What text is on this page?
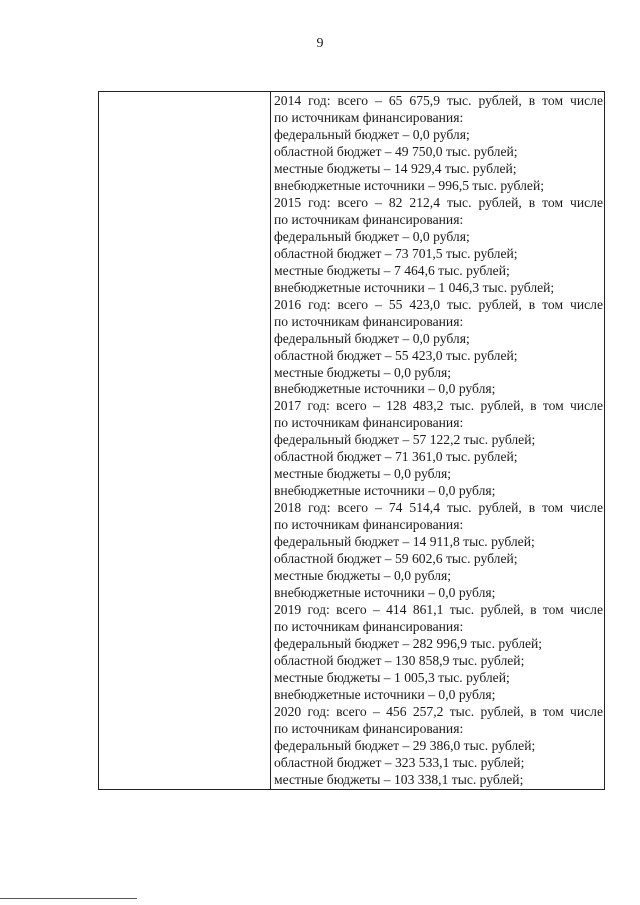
9
2014 год: всего – 65 675,9 тыс. рублей, в том числе
по источникам финансирования:
федеральный бюджет – 0,0 рубля;
областной бюджет – 49 750,0 тыс. рублей;
местные бюджеты – 14 929,4 тыс. рублей;
внебюджетные источники – 996,5 тыс. рублей;
2015 год: всего – 82 212,4 тыс. рублей, в том числе
по источникам финансирования:
федеральный бюджет – 0,0 рубля;
областной бюджет – 73 701,5 тыс. рублей;
местные бюджеты – 7 464,6 тыс. рублей;
внебюджетные источники – 1 046,3 тыс. рублей;
2016 год: всего – 55 423,0 тыс. рублей, в том числе
по источникам финансирования:
федеральный бюджет – 0,0 рубля;
областной бюджет – 55 423,0 тыс. рублей;
местные бюджеты – 0,0 рубля;
внебюджетные источники – 0,0 рубля;
2017 год: всего – 128 483,2 тыс. рублей, в том числе
по источникам финансирования:
федеральный бюджет – 57 122,2 тыс. рублей;
областной бюджет – 71 361,0 тыс. рублей;
местные бюджеты – 0,0 рубля;
внебюджетные источники – 0,0 рубля;
2018 год: всего – 74 514,4 тыс. рублей, в том числе
по источникам финансирования:
федеральный бюджет – 14 911,8 тыс. рублей;
областной бюджет – 59 602,6 тыс. рублей;
местные бюджеты – 0,0 рубля;
внебюджетные источники – 0,0 рубля;
2019 год: всего – 414 861,1 тыс. рублей, в том числе
по источникам финансирования:
федеральный бюджет – 282 996,9 тыс. рублей;
областной бюджет – 130 858,9 тыс. рублей;
местные бюджеты – 1 005,3 тыс. рублей;
внебюджетные источники – 0,0 рубля;
2020 год: всего – 456 257,2 тыс. рублей, в том числе
по источникам финансирования:
федеральный бюджет – 29 386,0 тыс. рублей;
областной бюджет – 323 533,1 тыс. рублей;
местные бюджеты – 103 338,1 тыс. рублей;
